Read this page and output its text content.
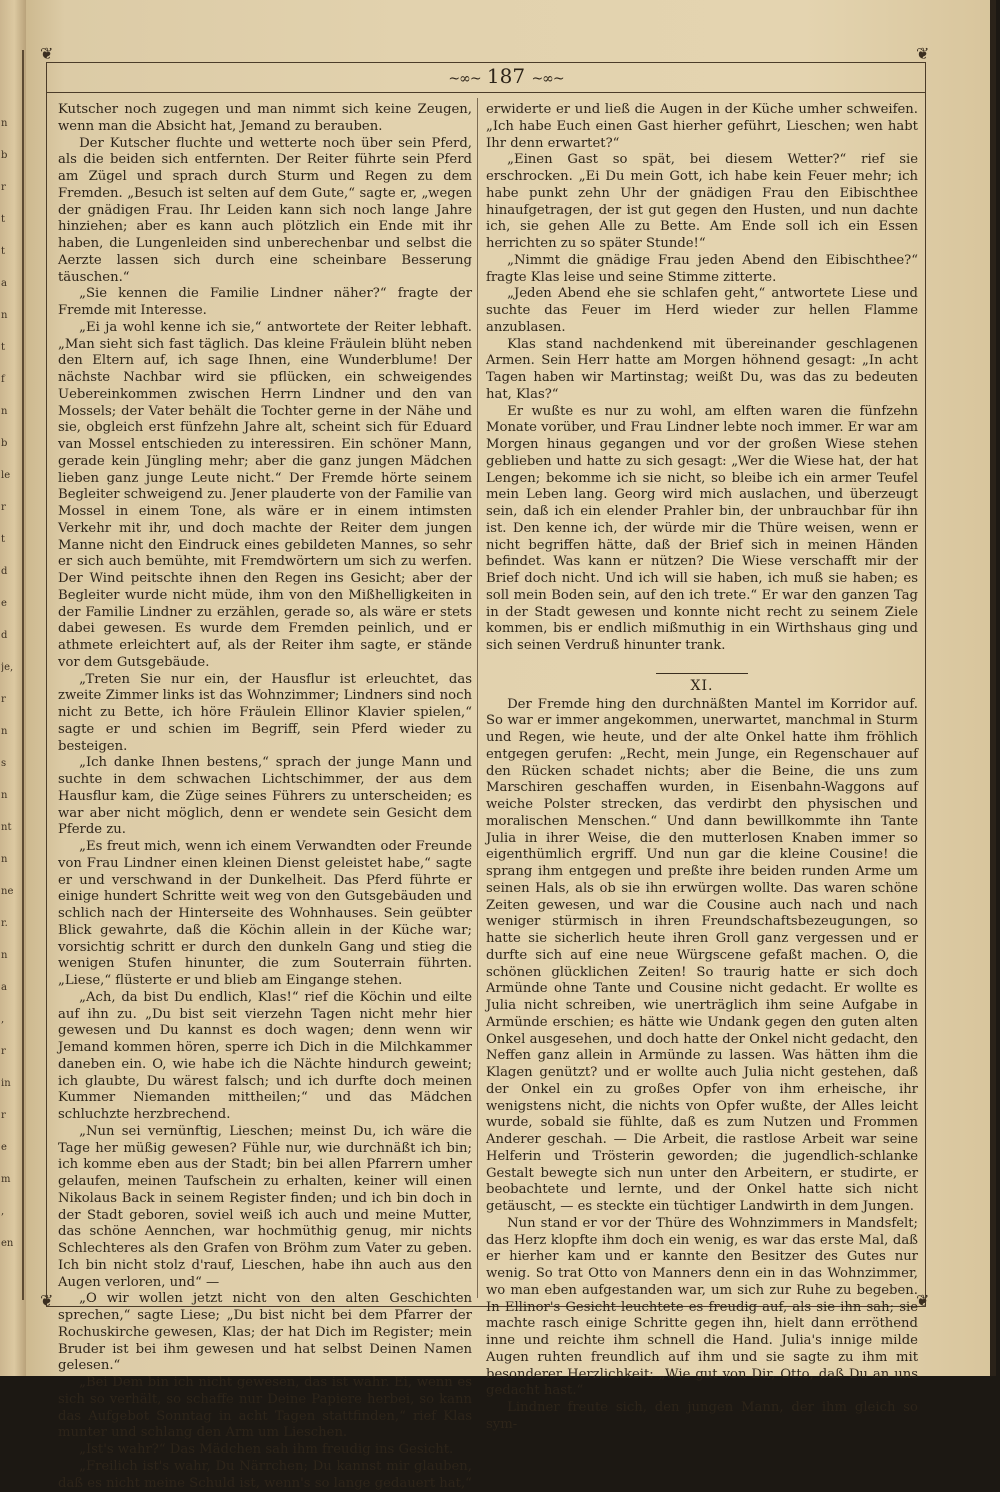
n
b
r
t
t
a
n
t
f
n
b
le
r
t
d
e
d
je,
r
n
s
n
nt
n
ne
r.
n
a
,
r
in
r
e
m
,
en
❦	❦
❦	❦
~∞~ 187 ~∞~

Kutscher noch zugegen und man nimmt sich keine Zeugen, wenn man die Absicht hat, Jemand zu berauben.

Der Kutscher fluchte und wetterte noch über sein Pferd, als die beiden sich entfernten. Der Reiter führte sein Pferd am Zügel und sprach durch Sturm und Regen zu dem Fremden. „Besuch ist selten auf dem Gute,“ sagte er, „wegen der gnädigen Frau. Ihr Leiden kann sich noch lange Jahre hinziehen; aber es kann auch plötzlich ein Ende mit ihr haben, die Lungenleiden sind unberechenbar und selbst die Aerzte lassen sich durch eine scheinbare Besserung täuschen.“

„Sie kennen die Familie Lindner näher?“ fragte der Fremde mit Interesse.

„Ei ja wohl kenne ich sie,“ antwortete der Reiter lebhaft. „Man sieht sich fast täglich. Das kleine Fräulein blüht neben den Eltern auf, ich sage Ihnen, eine Wunderblume! Der nächste Nachbar wird sie pflücken, ein schweigendes Uebereinkommen zwischen Herrn Lindner und den van Mossels; der Vater behält die Tochter gerne in der Nähe und sie, obgleich erst fünfzehn Jahre alt, scheint sich für Eduard van Mossel entschieden zu interessiren. Ein schöner Mann, gerade kein Jüngling mehr; aber die ganz jungen Mädchen lieben ganz junge Leute nicht.“ Der Fremde hörte seinem Begleiter schweigend zu. Jener plauderte von der Familie van Mossel in einem Tone, als wäre er in einem intimsten Verkehr mit ihr, und doch machte der Reiter dem jungen Manne nicht den Eindruck eines gebildeten Mannes, so sehr er sich auch bemühte, mit Fremdwörtern um sich zu werfen. Der Wind peitschte ihnen den Regen ins Gesicht; aber der Begleiter wurde nicht müde, ihm von den Mißhelligkeiten in der Familie Lindner zu erzählen, gerade so, als wäre er stets dabei gewesen. Es wurde dem Fremden peinlich, und er athmete erleichtert auf, als der Reiter ihm sagte, er stände vor dem Gutsgebäude.

„Treten Sie nur ein, der Hausflur ist erleuchtet, das zweite Zimmer links ist das Wohnzimmer; Lindners sind noch nicht zu Bette, ich höre Fräulein Ellinor Klavier spielen,“ sagte er und schien im Begriff, sein Pferd wieder zu besteigen.

„Ich danke Ihnen bestens,“ sprach der junge Mann und suchte in dem schwachen Lichtschimmer, der aus dem Hausflur kam, die Züge seines Führers zu unterscheiden; es war aber nicht möglich, denn er wendete sein Gesicht dem Pferde zu.

„Es freut mich, wenn ich einem Verwandten oder Freunde von Frau Lindner einen kleinen Dienst geleistet habe,“ sagte er und verschwand in der Dunkelheit. Das Pferd führte er einige hundert Schritte weit weg von den Gutsgebäuden und schlich nach der Hinterseite des Wohnhauses. Sein geübter Blick gewahrte, daß die Köchin allein in der Küche war; vorsichtig schritt er durch den dunkeln Gang und stieg die wenigen Stufen hinunter, die zum Souterrain führten. „Liese,“ flüsterte er und blieb am Eingange stehen.

„Ach, da bist Du endlich, Klas!“ rief die Köchin und eilte auf ihn zu. „Du bist seit vierzehn Tagen nicht mehr hier gewesen und Du kannst es doch wagen; denn wenn wir Jemand kommen hören, sperre ich Dich in die Milchkammer daneben ein. O, wie habe ich die Nächte hindurch geweint; ich glaubte, Du wärest falsch; und ich durfte doch meinen Kummer Niemanden mittheilen;“ und das Mädchen schluchzte herzbrechend.

„Nun sei vernünftig, Lieschen; meinst Du, ich wäre die Tage her müßig gewesen? Fühle nur, wie durchnäßt ich bin; ich komme eben aus der Stadt; bin bei allen Pfarrern umher gelaufen, meinen Taufschein zu erhalten, keiner will einen Nikolaus Back in seinem Register finden; und ich bin doch in der Stadt geboren, soviel weiß ich auch und meine Mutter, das schöne Aennchen, war hochmüthig genug, mir nichts Schlechteres als den Grafen von Bröhm zum Vater zu geben. Ich bin nicht stolz d'rauf, Lieschen, habe ihn auch aus den Augen verloren, und“ —

„O wir wollen jetzt nicht von den alten Geschichten sprechen,“ sagte Liese; „Du bist nicht bei dem Pfarrer der Rochuskirche gewesen, Klas; der hat Dich im Register; mein Bruder ist bei ihm gewesen und hat selbst Deinen Namen gelesen.“

„Bei Dem bin ich nicht gewesen, das ist wahr. Ei, wenn es sich so verhält, so schaffe nur Deine Papiere herbei, so kann das Aufgebot Sonntag in acht Tagen stattfinden,“ rief Klas munter und schlang den Arm um Lieschen.

„Ist's wahr?“ Das Mädchen sah ihm freudig ins Gesicht.

„Freilich ist's wahr, Du Närrchen; Du kannst mir glauben, daß es nicht meine Schuld ist, wenn's so lange gedauert hat,“

erwiderte er und ließ die Augen in der Küche umher schweifen. „Ich habe Euch einen Gast hierher geführt, Lieschen; wen habt Ihr denn erwartet?“

„Einen Gast so spät, bei diesem Wetter?“ rief sie erschrocken. „Ei Du mein Gott, ich habe kein Feuer mehr; ich habe punkt zehn Uhr der gnädigen Frau den Eibischthee hinaufgetragen, der ist gut gegen den Husten, und nun dachte ich, sie gehen Alle zu Bette. Am Ende soll ich ein Essen herrichten zu so später Stunde!“

„Nimmt die gnädige Frau jeden Abend den Eibischthee?“ fragte Klas leise und seine Stimme zitterte.

„Jeden Abend ehe sie schlafen geht,“ antwortete Liese und suchte das Feuer im Herd wieder zur hellen Flamme anzublasen.

Klas stand nachdenkend mit übereinander geschlagenen Armen. Sein Herr hatte am Morgen höhnend gesagt: „In acht Tagen haben wir Martinstag; weißt Du, was das zu bedeuten hat, Klas?“

Er wußte es nur zu wohl, am elften waren die fünfzehn Monate vorüber, und Frau Lindner lebte noch immer. Er war am Morgen hinaus gegangen und vor der großen Wiese stehen geblieben und hatte zu sich gesagt: „Wer die Wiese hat, der hat Lengen; bekomme ich sie nicht, so bleibe ich ein armer Teufel mein Leben lang. Georg wird mich auslachen, und überzeugt sein, daß ich ein elender Prahler bin, der unbrauchbar für ihn ist. Den kenne ich, der würde mir die Thüre weisen, wenn er nicht begriffen hätte, daß der Brief sich in meinen Händen befindet. Was kann er nützen? Die Wiese verschafft mir der Brief doch nicht. Und ich will sie haben, ich muß sie haben; es soll mein Boden sein, auf den ich trete.“ Er war den ganzen Tag in der Stadt gewesen und konnte nicht recht zu seinem Ziele kommen, bis er endlich mißmuthig in ein Wirthshaus ging und sich seinen Verdruß hinunter trank.

XI.

Der Fremde hing den durchnäßten Mantel im Korridor auf. So war er immer angekommen, unerwartet, manchmal in Sturm und Regen, wie heute, und der alte Onkel hatte ihm fröhlich entgegen gerufen: „Recht, mein Junge, ein Regenschauer auf den Rücken schadet nichts; aber die Beine, die uns zum Marschiren geschaffen wurden, in Eisenbahn-Waggons auf weiche Polster strecken, das verdirbt den physischen und moralischen Menschen.“ Und dann bewillkommte ihn Tante Julia in ihrer Weise, die den mutterlosen Knaben immer so eigenthümlich ergriff. Und nun gar die kleine Cousine! die sprang ihm entgegen und preßte ihre beiden runden Arme um seinen Hals, als ob sie ihn erwürgen wollte. Das waren schöne Zeiten gewesen, und war die Cousine auch nach und nach weniger stürmisch in ihren Freundschaftsbezeugungen, so hatte sie sicherlich heute ihren Groll ganz vergessen und er durfte sich auf eine neue Würgscene gefaßt machen. O, die schönen glücklichen Zeiten! So traurig hatte er sich doch Armünde ohne Tante und Cousine nicht gedacht. Er wollte es Julia nicht schreiben, wie unerträglich ihm seine Aufgabe in Armünde erschien; es hätte wie Undank gegen den guten alten Onkel ausgesehen, und doch hatte der Onkel nicht gedacht, den Neffen ganz allein in Armünde zu lassen. Was hätten ihm die Klagen genützt? und er wollte auch Julia nicht gestehen, daß der Onkel ein zu großes Opfer von ihm erheische, ihr wenigstens nicht, die nichts von Opfer wußte, der Alles leicht wurde, sobald sie fühlte, daß es zum Nutzen und Frommen Anderer geschah. — Die Arbeit, die rastlose Arbeit war seine Helferin und Trösterin geworden; die jugendlich-schlanke Gestalt bewegte sich nun unter den Arbeitern, er studirte, er beobachtete und lernte, und der Onkel hatte sich nicht getäuscht, — es steckte ein tüchtiger Landwirth in dem Jungen.

Nun stand er vor der Thüre des Wohnzimmers in Mandsfelt; das Herz klopfte ihm doch ein wenig, es war das erste Mal, daß er hierher kam und er kannte den Besitzer des Gutes nur wenig. So trat Otto von Manners denn ein in das Wohnzimmer, wo man eben aufgestanden war, um sich zur Ruhe zu begeben. In Ellinor's Gesicht leuchtete es freudig auf, als sie ihn sah; sie machte rasch einige Schritte gegen ihn, hielt dann erröthend inne und reichte ihm schnell die Hand. Julia's innige milde Augen ruhten freundlich auf ihm und sie sagte zu ihm mit besonderer Herzlichkeit: „Wie gut von Dir, Otto, daß Du an uns gedacht hast.“

Lindner freute sich, den jungen Mann, der ihm gleich so sym-
